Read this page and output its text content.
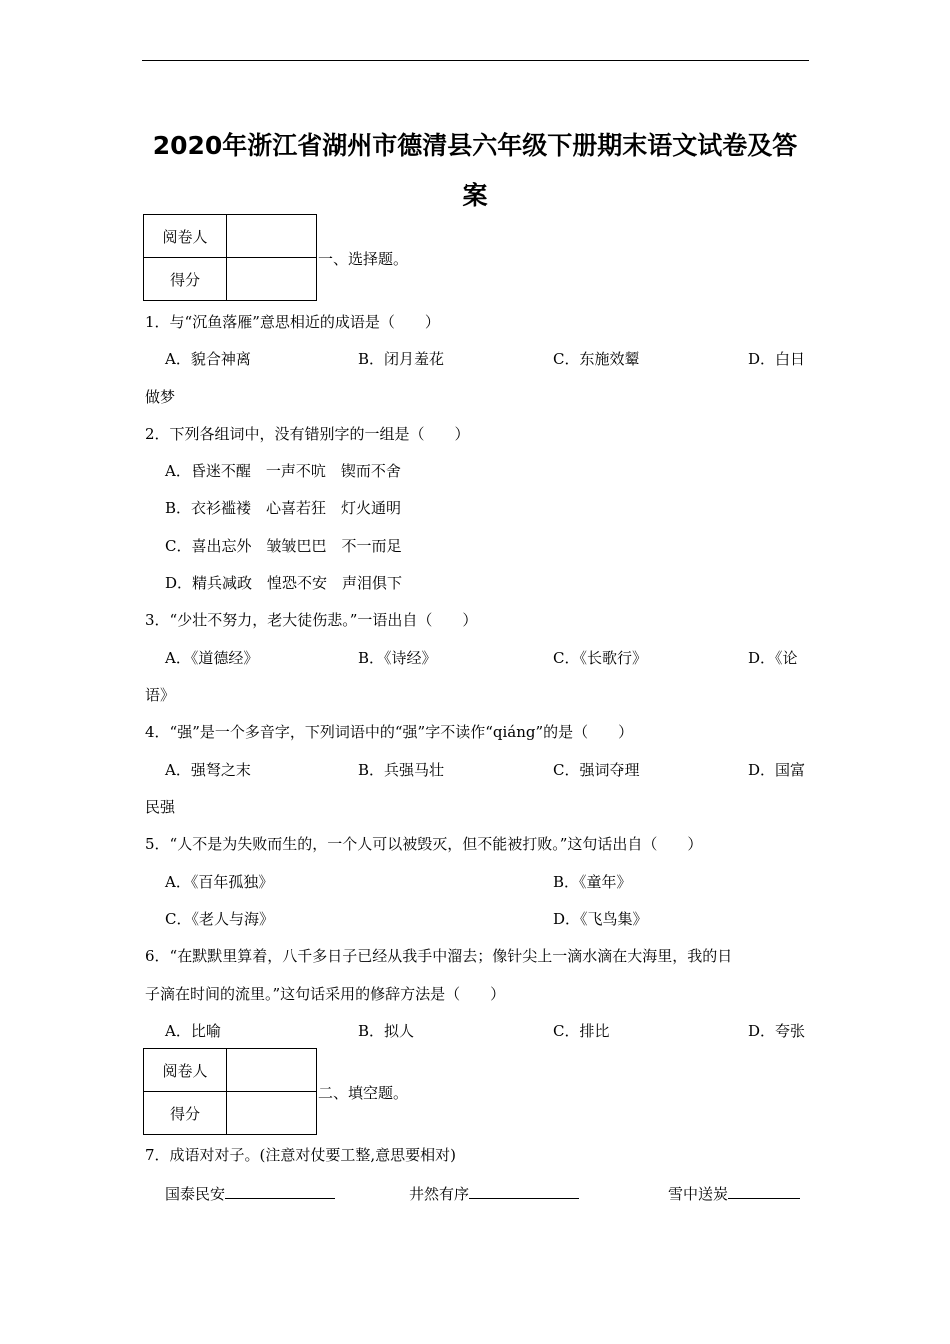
2020年浙江省湖州市德清县六年级下册期末语文试卷及答
案
阅卷人	
得分	
一、选择题。
1．与“沉鱼落雁”意思相近的成语是（　　）
A．貌合神离	B．闭月羞花	C．东施效颦	D．白日
做梦
2．下列各组词中，没有错别字的一组是（　　）
A．昏迷不醒　一声不吭　锲而不舍
B．衣衫褴褛　心喜若狂　灯火通明
C．喜出忘外　皱皱巴巴　不一而足
D．精兵减政　惶恐不安　声泪俱下
3．“少壮不努力，老大徒伤悲。”一语出自（　　）
A．《道德经》	B．《诗经》	C．《长歌行》	D．《论
语》
4．“强”是一个多音字，下列词语中的“强”字不读作“qiáng”的是（　　）
A．强弩之末	B．兵强马壮	C．强词夺理	D．国富
民强
5．“人不是为失败而生的，一个人可以被毁灭，但不能被打败。”这句话出自（　　）
A．《百年孤独》	B．《童年》
C．《老人与海》	D．《飞鸟集》
6．“在默默里算着，八千多日子已经从我手中溜去；像针尖上一滴水滴在大海里，我的日
子滴在时间的流里。”这句话采用的修辞方法是（　　）
A．比喻	B．拟人	C．排比	D．夸张
阅卷人	
得分	
二、填空题。
7．成语对对子。(注意对仗要工整,意思要相对)
国泰民安	井然有序	雪中送炭
